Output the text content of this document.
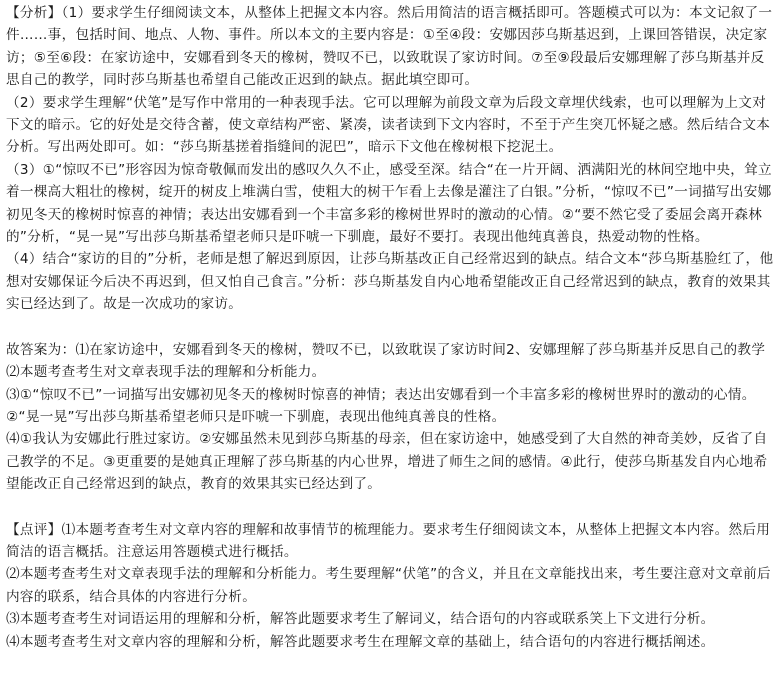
【分析】（1）要求学生仔细阅读文本，从整体上把握文本内容。然后用简洁的语言概括即可。答题模式可以为：本文记叙了一件……事，包括时间、地点、人物、事件。所以本文的主要内容是：①至④段：安娜因莎乌斯基迟到，上课回答错误，决定家访；⑤至⑥段：在家访途中，安娜看到冬天的橡树，赞叹不已，以致耽误了家访时间。⑦至⑨段最后安娜理解了莎乌斯基并反思自己的教学，同时莎乌斯基也希望自己能改正迟到的缺点。据此填空即可。

（2）要求学生理解“伏笔”是写作中常用的一种表现手法。它可以理解为前段文章为后段文章埋伏线索，也可以理解为上文对下文的暗示。它的好处是交待含蓄，使文章结构严密、紧凑，读者读到下文内容时，不至于产生突兀怀疑之感。然后结合文本分析。写出两处即可。如：“莎乌斯基搓着指缝间的泥巴”，暗示下文他在橡树根下挖泥土。

（3）①“惊叹不已”形容因为惊奇敬佩而发出的感叹久久不止，感受至深。结合“在一片开阔、洒满阳光的林间空地中央，耸立着一棵高大粗壮的橡树，绽开的树皮上堆满白雪，使粗大的树干乍看上去像是灌注了白银。”分析，“惊叹不已”一词描写出安娜初见冬天的橡树时惊喜的神情；表达出安娜看到一个丰富多彩的橡树世界时的激动的心情。②“要不然它受了委屈会离开森林的”分析，“晃一晃”写出莎乌斯基希望老师只是吓唬一下驯鹿，最好不要打。表现出他纯真善良，热爱动物的性格。

（4）结合“家访的目的”分析，老师是想了解迟到原因，让莎乌斯基改正自己经常迟到的缺点。结合文本“莎乌斯基脸红了，他想对安娜保证今后决不再迟到，但又怕自己食言。”分析：莎乌斯基发自内心地希望能改正自己经常迟到的缺点，教育的效果其实已经达到了。故是一次成功的家访。

故答案为：⑴在家访途中，安娜看到冬天的橡树，赞叹不已，以致耽误了家访时间2、安娜理解了莎乌斯基并反思自己的教学

⑵本题考查考生对文章表现手法的理解和分析能力。

⑶①“惊叹不已”一词描写出安娜初见冬天的橡树时惊喜的神情；表达出安娜看到一个丰富多彩的橡树世界时的激动的心情。

②“晃一晃”写出莎乌斯基希望老师只是吓唬一下驯鹿，表现出他纯真善良的性格。

⑷①我认为安娜此行胜过家访。②安娜虽然未见到莎乌斯基的母亲，但在家访途中，她感受到了大自然的神奇美妙，反省了自己教学的不足。③更重要的是她真正理解了莎乌斯基的内心世界，增进了师生之间的感情。④此行，使莎乌斯基发自内心地希望能改正自己经常迟到的缺点，教育的效果其实已经达到了。

【点评】⑴本题考查考生对文章内容的理解和故事情节的梳理能力。要求考生仔细阅读文本，从整体上把握文本内容。然后用简洁的语言概括。注意运用答题模式进行概括。

⑵本题考查考生对文章表现手法的理解和分析能力。考生要理解“伏笔”的含义，并且在文章能找出来，考生要注意对文章前后内容的联系，结合具体的内容进行分析。

⑶本题考查考生对词语运用的理解和分析，解答此题要求考生了解词义，结合语句的内容或联系笑上下文进行分析。

⑷本题考查考生对文章内容的理解和分析，解答此题要求考生在理解文章的基础上，结合语句的内容进行概括阐述。
